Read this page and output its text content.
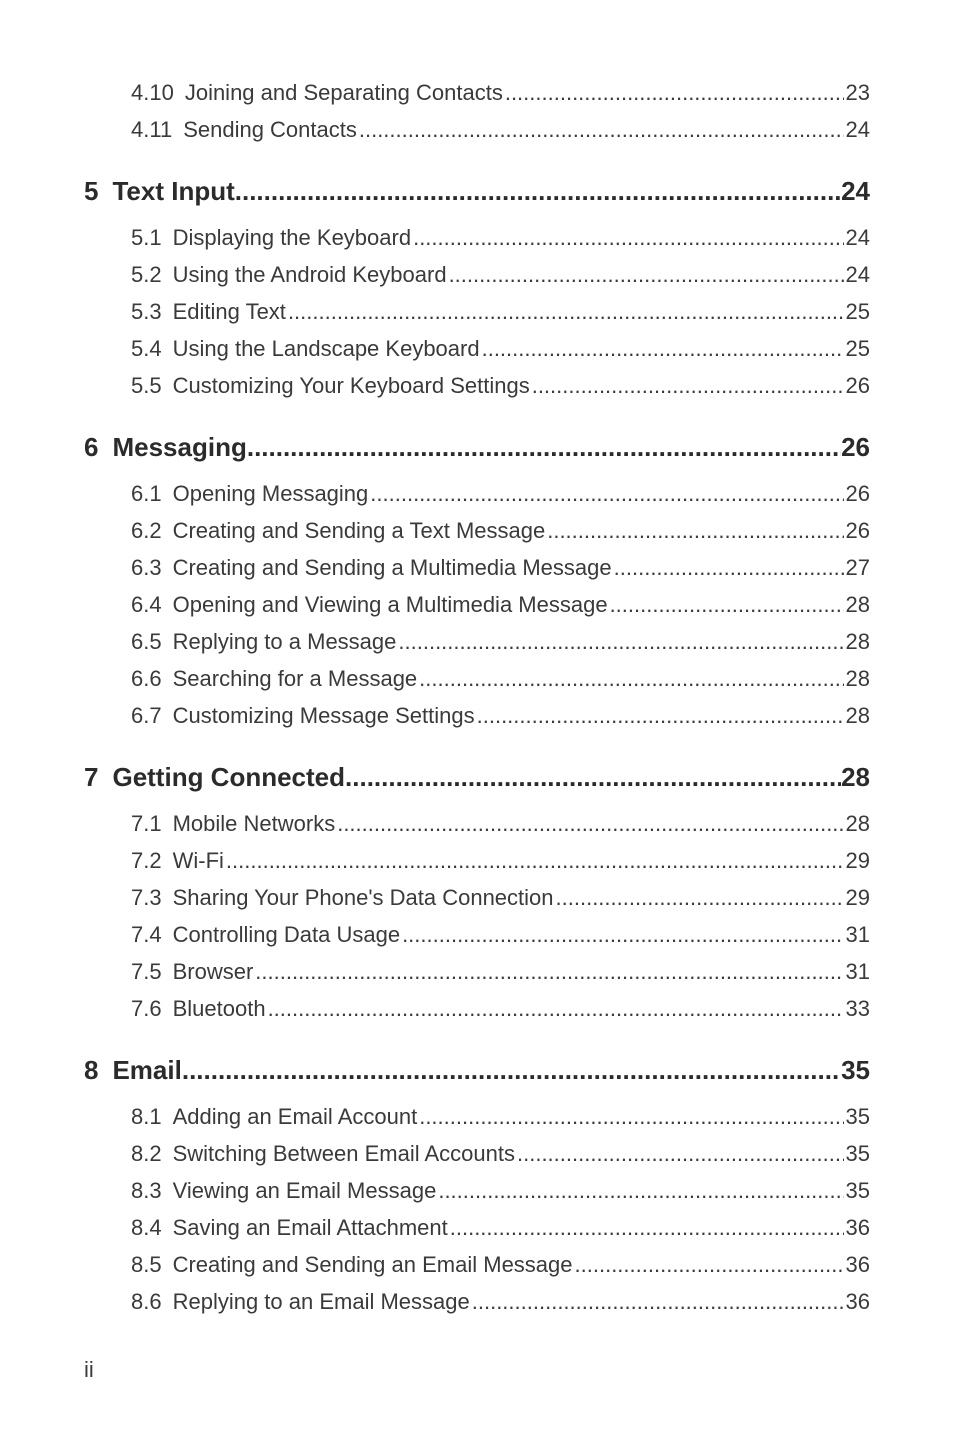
4.10 Joining and Separating Contacts .....	23
4.11 Sending Contacts .....	24
5 Text Input .....	24
5.1 Displaying the Keyboard .....	24
5.2 Using the Android Keyboard .....	24
5.3 Editing Text .....	25
5.4 Using the Landscape Keyboard .....	25
5.5 Customizing Your Keyboard Settings .....	26
6 Messaging .....	26
6.1 Opening Messaging .....	26
6.2 Creating and Sending a Text Message .....	26
6.3 Creating and Sending a Multimedia Message .....	27
6.4 Opening and Viewing a Multimedia Message .....	28
6.5 Replying to a Message .....	28
6.6 Searching for a Message .....	28
6.7 Customizing Message Settings .....	28
7 Getting Connected .....	28
7.1 Mobile Networks .....	28
7.2 Wi-Fi .....	29
7.3 Sharing Your Phone's Data Connection .....	29
7.4 Controlling Data Usage .....	31
7.5 Browser .....	31
7.6 Bluetooth .....	33
8 Email .....	35
8.1 Adding an Email Account .....	35
8.2 Switching Between Email Accounts .....	35
8.3 Viewing an Email Message .....	35
8.4 Saving an Email Attachment .....	36
8.5 Creating and Sending an Email Message .....	36
8.6 Replying to an Email Message .....	36
ii
